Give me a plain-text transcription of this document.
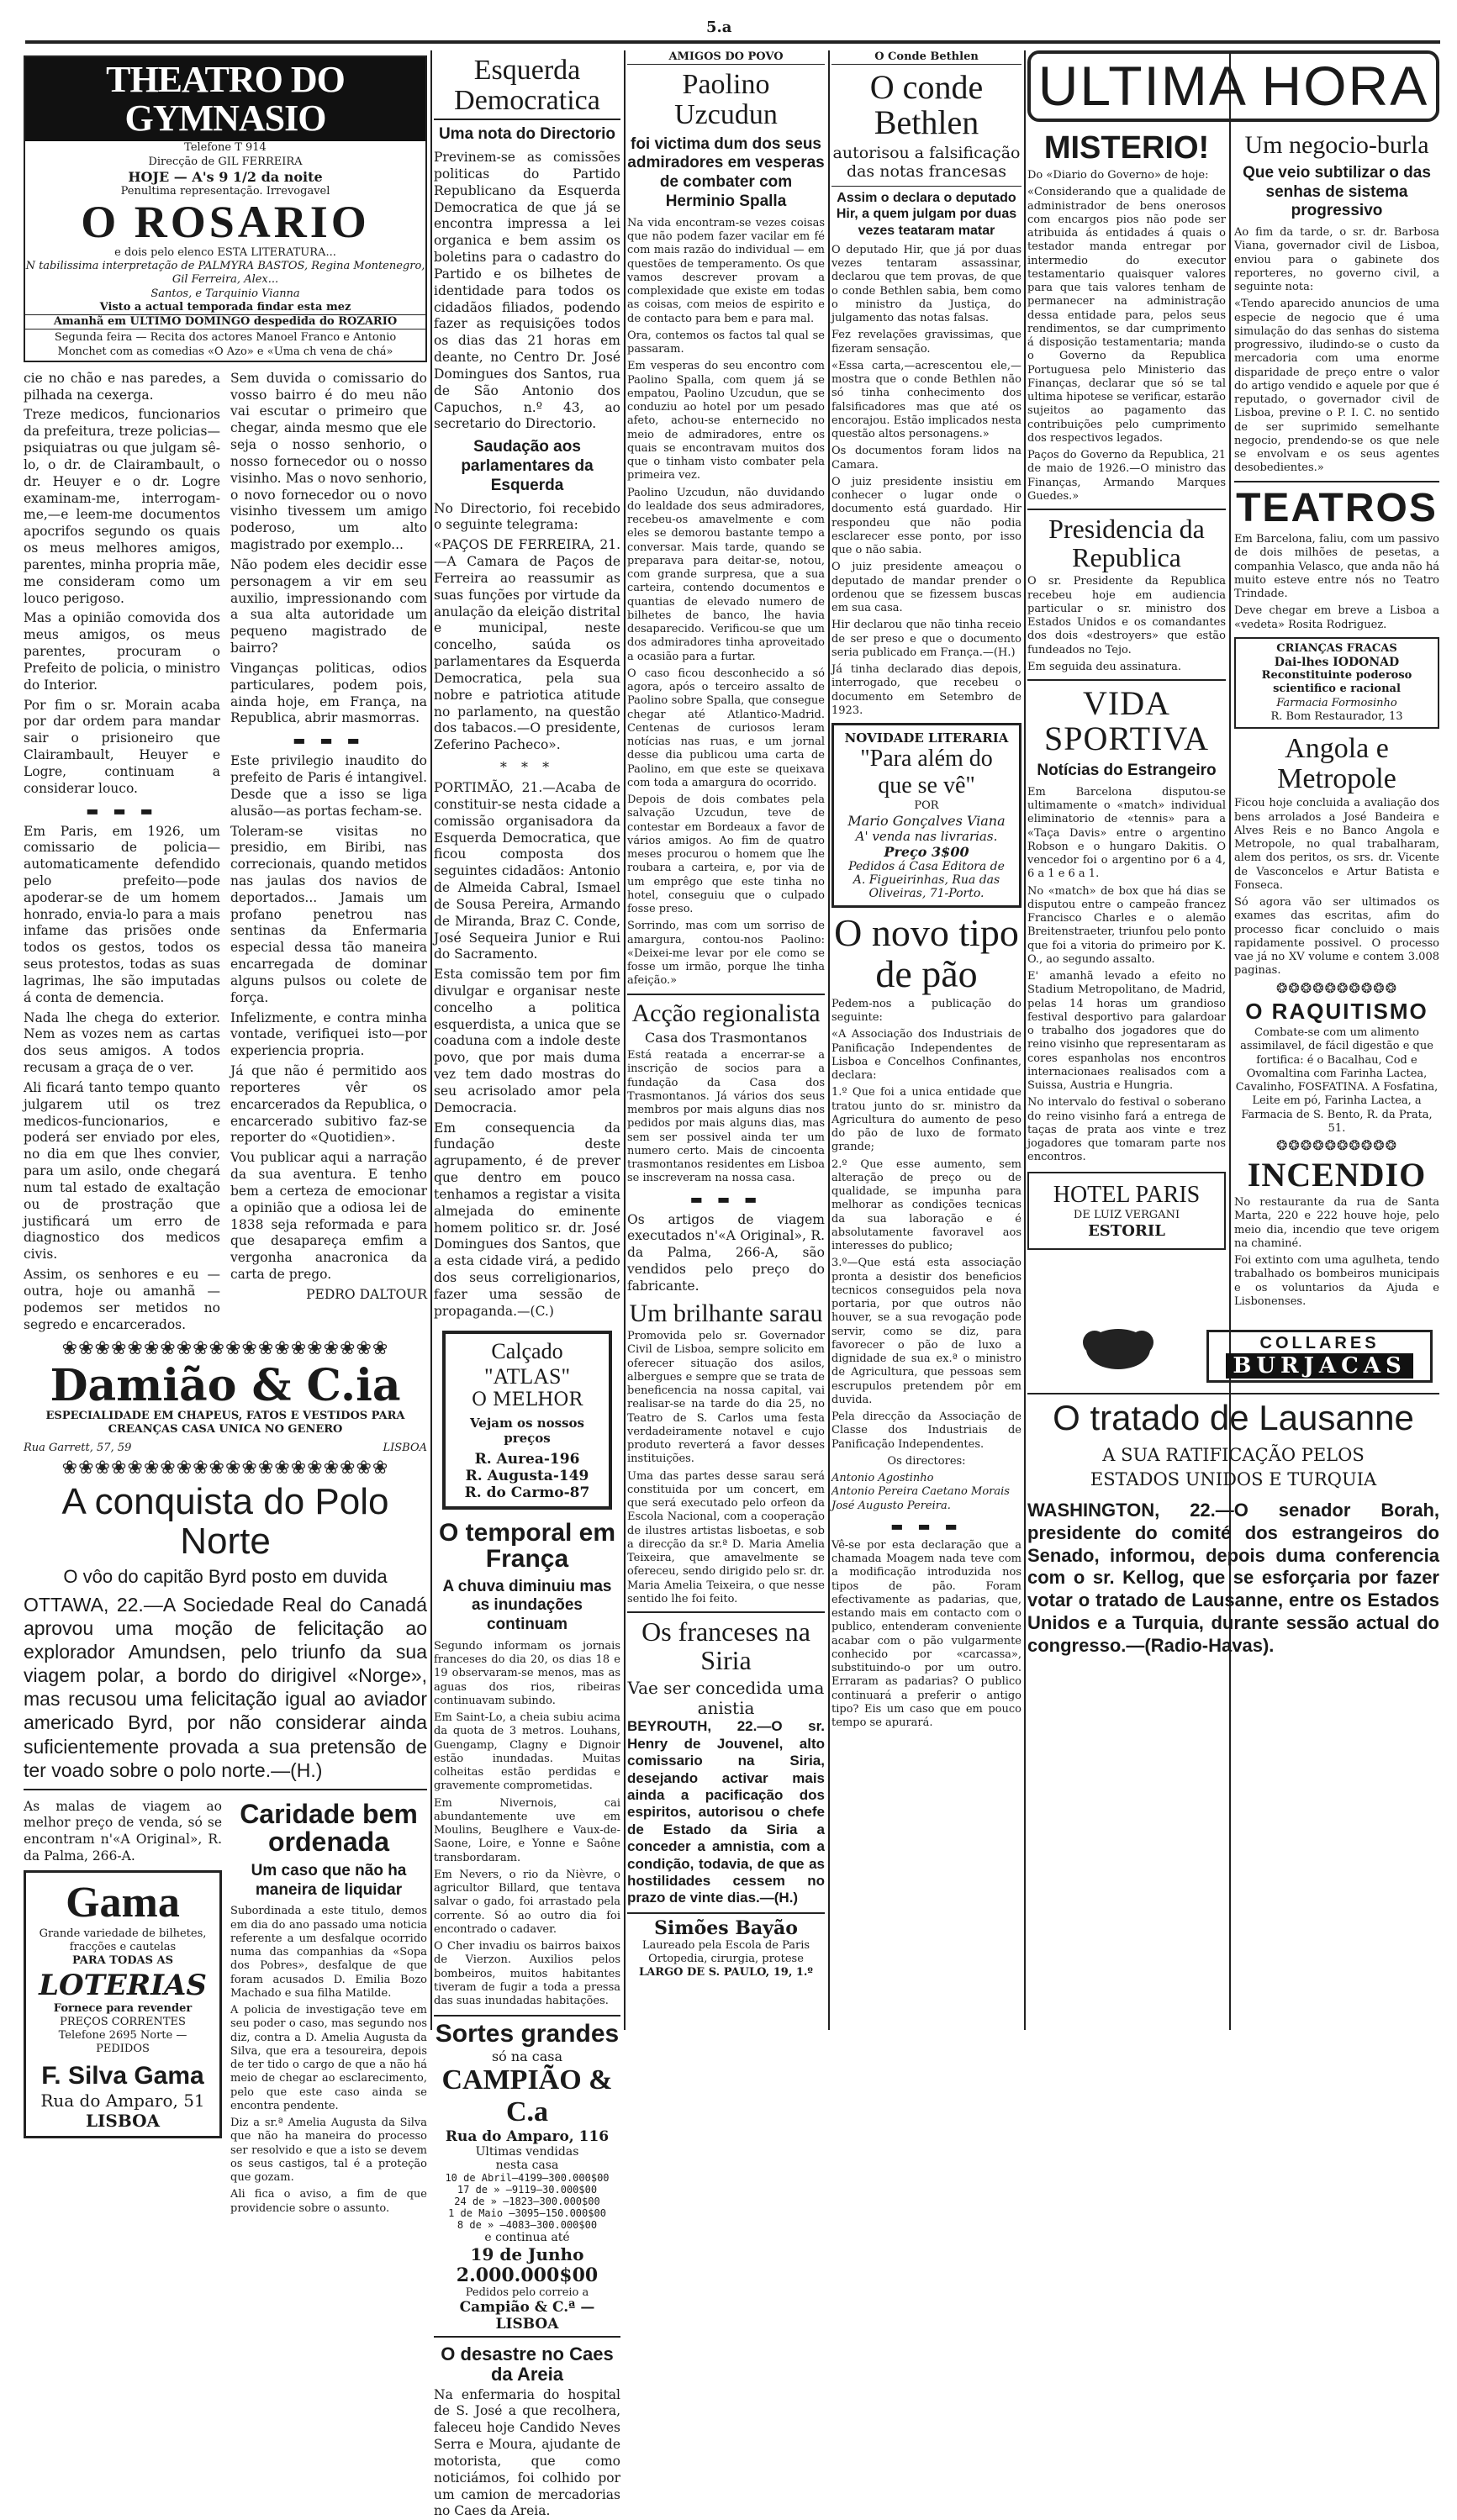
5.a
THEATRO DO GYMNASIO
Telefone T 914
Direcção de GIL FERREIRA
HOJE — A's 9 1/2 da noite
Penultima representação. Irrevogavel
O ROSARIO
e dois pelo elenco ESTA LITERATURA...
N tabilissima interpretação de PALMYRA BASTOS, Regina Montenegro, Gil Ferreira, Alex...
Santos, e Tarquinio Vianna
Visto a actual temporada findar esta mez
Amanhã em ULTIMO DOMINGO despedida do ROZARIO
Segunda feira — Recita dos actores Manoel Franco e Antonio Monchet com as comedias «O Azo» e «Uma ch vena de chá»

cie no chão e nas paredes, a pilhada na cexerga.

Treze medicos, funcionarios da prefeitura, treze policias—psiquiatras ou que julgam sê-lo, o dr. de Clairambault, o dr. Heuyer e o dr. Logre examinam-me, interrogam-me,—e leem-me documentos apocrifos segundo os quais os meus melhores amigos, parentes, minha propria mãe, me consideram como um louco perigoso.

Mas a opinião comovida dos meus amigos, os meus parentes, procuram o Prefeito de policia, o ministro do Interior.

Por fim o sr. Morain acaba por dar ordem para mandar sair o prisioneiro que Clairambault, Heuyer e Logre, continuam a considerar louco.

▬ ▬ ▬

Em Paris, em 1926, um comissario de policia—automaticamente defendido pelo prefeito—pode apoderar-se de um homem honrado, envia-lo para a mais infame das prisões onde todos os gestos, todos os seus protestos, todas as suas lagrimas, lhe são imputadas á conta de demencia.

Nada lhe chega do exterior. Nem as vozes nem as cartas dos seus amigos. A todos recusam a graça de o ver.

Ali ficará tanto tempo quanto julgarem util os trez medicos-funcionarios, e poderá ser enviado por eles, no dia em que lhes convier, para um asilo, onde chegará num tal estado de exaltação ou de prostração que justificará um erro de diagnostico dos medicos civis.

Assim, os senhores e eu — outra, hoje ou amanhã — podemos ser metidos no segredo e encarcerados.

Sem duvida o comissario do vosso bairro é do meu não vai escutar o primeiro que chegar, ainda mesmo que ele seja o nosso senhorio, o nosso fornecedor ou o nosso visinho. Mas o novo senhorio, o novo fornecedor ou o novo visinho tivessem um amigo poderoso, um alto magistrado por exemplo...

Não podem eles decidir esse personagem a vir em seu auxilio, impressionando com a sua alta autoridade um pequeno magistrado de bairro?

Vinganças politicas, odios particulares, podem pois, ainda hoje, em França, na Republica, abrir masmorras.

▬ ▬ ▬

Este privilegio inaudito do prefeito de Paris é intangivel. Desde que a isso se liga alusão—as portas fecham-se.

Toleram-se visitas no presidio, em Biribi, nas correcionais, quando metidos nas jaulas dos navios de deportados... Jamais um profano penetrou nas sentinas da Enfermaria especial dessa tão maneira encarregada de dominar alguns pulsos ou colete de força.

Infelizmente, e contra minha vontade, verifiquei isto—por experiencia propria.

Já que não é permitido aos reporteres vêr os encarcerados da Republica, o encarcerado subitivo faz-se reporter do «Quotidien».

Vou publicar aqui a narração da sua aventura. E tenho bem a certeza de emocionar a opinião que a odiosa lei de 1838 seja reformada e para que desapareça emfim a vergonha anacronica da carta de prego.

PEDRO DALTOUR

❀❀❀❀❀❀❀❀❀❀❀❀❀❀❀❀❀❀❀❀
Damião & C.ia
ESPECIALIDADE EM CHAPEUS, FATOS E VESTIDOS PARA CREANÇAS CASA UNICA NO GENERO
Rua Garrett, 57, 59	LISBOA
❀❀❀❀❀❀❀❀❀❀❀❀❀❀❀❀❀❀❀❀
A conquista do Polo Norte
O vôo do capitão Byrd posto em duvida

OTTAWA, 22.—A Sociedade Real do Canadá aprovou uma moção de felicitação ao explorador Amundsen, pelo triunfo da sua viagem polar, a bordo do dirigivel «Norge», mas recusou uma felicitação igual ao aviador americado Byrd, por não considerar ainda suficientemente provada a sua pretensão de ter voado sobre o polo norte.—(H.)

As malas de viagem ao melhor preço de venda, só se encontram n'«A Original», R. da Palma, 266-A.

Gama
Grande variedade de bilhetes, fracções e cautelas
PARA TODAS AS
LOTERIAS
Fornece para revender
PREÇOS CORRENTES
Telefone 2695 Norte — PEDIDOS
F. Silva Gama
Rua do Amparo, 51
LISBOA
Caridade bem ordenada
Um caso que não ha maneira de liquidar

Subordinada a este titulo, demos em dia do ano passado uma noticia referente a um desfalque ocorrido numa das companhias da «Sopa dos Pobres», desfalque de que foram acusados D. Emilia Bozo Machado e sua filha Matilde.

A policia de investigação teve em seu poder o caso, mas segundo nos diz, contra a D. Amelia Augusta da Silva, que era a tesoureira, depois de ter tido o cargo de que a não há meio de chegar ao esclarecimento, pelo que este caso ainda se encontra pendente.

Diz a sr.ª Amelia Augusta da Silva que não ha maneira do processo ser resolvido e que a isto se devem os seus castigos, tal é a proteção que gozam.

Ali fica o aviso, a fim de que providencie sobre o assunto.

Esquerda Democratica
Uma nota do Directorio

Previnem-se as comissões politicas do Partido Republicano da Esquerda Democratica de que já se encontra impressa a lei organica e bem assim os boletins para o cadastro do Partido e os bilhetes de identidade para todos os cidadãos filiados, podendo fazer as requisições todos os dias das 21 horas em deante, no Centro Dr. José Domingues dos Santos, rua de São Antonio dos Capuchos, n.º 43, ao secretario do Directorio.

Saudação aos parlamentares da Esquerda

No Directorio, foi recebido o seguinte telegrama:

«PAÇOS DE FERREIRA, 21.—A Camara de Paços de Ferreira ao reassumir as suas funções por virtude da anulação da eleição distrital e municipal, neste concelho, saúda os parlamentares da Esquerda Democratica, pela sua nobre e patriotica atitude no parlamento, na questão dos tabacos.—O presidente, Zeferino Pacheco».

* * *

PORTIMÃO, 21.—Acaba de constituir-se nesta cidade a comissão organisadora da Esquerda Democratica, que ficou composta dos seguintes cidadãos: Antonio de Almeida Cabral, Ismael de Sousa Pereira, Armando de Miranda, Braz C. Conde, José Sequeira Junior e Rui do Sacramento.

Esta comissão tem por fim divulgar e organisar neste concelho a politica esquerdista, a unica que se coaduna com a indole deste povo, que por mais duma vez tem dado mostras do seu acrisolado amor pela Democracia.

Em consequencia da fundação deste agrupamento, é de prever que dentro em pouco tenhamos a registar a visita almejada do eminente homem politico sr. dr. José Domingues dos Santos, que a esta cidade virá, a pedido dos seus correligionarios, fazer uma sessão de propaganda.—(C.)

Calçado "ATLAS"
O MELHOR
Vejam os nossos preços
R. Aurea-196
R. Augusta-149
R. do Carmo-87
O temporal em França
A chuva diminuiu mas as inundações continuam

Segundo informam os jornais franceses do dia 20, os dias 18 e 19 observaram-se menos, mas as aguas dos rios, ribeiras continuavam subindo.

Em Saint-Lo, a cheia subiu acima da quota de 3 metros. Louhans, Guengamp, Clagny e Dignoir estão inundadas. Muitas colheitas estão perdidas e gravemente comprometidas.

Em Nivernois, cai abundantemente uve em Moulins, Beuglhere e Vaux-de-Saone, Loire, e Yonne e Saône transbordaram.

Em Nevers, o rio da Nièvre, o agricultor Billard, que tentava salvar o gado, foi arrastado pela corrente. Só ao outro dia foi encontrado o cadaver.

O Cher invadiu os bairros baixos de Vierzon. Auxilios pelos bombeiros, muitos habitantes tiveram de fugir a toda a pressa das suas inundadas habitações.

Sortes grandes
só na casa
CAMPIÃO & C.a
Rua do Amparo, 116
Ultimas vendidas
nesta casa
10 de Abril—4199—300.000$00
17 de » —9119—30.000$00
24 de » —1823—300.000$00
1 de Maio —3095—150.000$00
8 de » —4083—300.000$00
e continua até
19 de Junho
2.000.000$00
Pedidos pelo correio a
Campião & C.ª — LISBOA
O desastre no Caes da Areia

Na enfermaria do hospital de S. José a que recolhera, faleceu hoje Candido Neves Serra e Moura, ajudante de motorista, que como noticiámos, foi colhido por um camion de mercadorias no Caes da Areia.

AMIGOS DO POVO
Paolino Uzcudun
foi victima dum dos seus admiradores em vesperas de combater com Herminio Spalla

Na vida encontram-se vezes coisas que não podem fazer vacilar em fé com mais razão do individual — em questões de temperamento. Os que vamos descrever provam a complexidade que existe em todas as coisas, com meios de espirito e de contacto para bem e para mal.

Ora, contemos os factos tal qual se passaram.

Em vesperas do seu encontro com Paolino Spalla, com quem já se empatou, Paolino Uzcudun, que se conduziu ao hotel por um pesado afeto, achou-se enternecido no meio de admiradores, entre os quais se encontravam muitos dos que o tinham visto combater pela primeira vez.

Paolino Uzcudun, não duvidando do lealdade dos seus admiradores, recebeu-os amavelmente e com eles se demorou bastante tempo a conversar. Mais tarde, quando se preparava para deitar-se, notou, com grande surpresa, que a sua carteira, contendo documentos e quantias de elevado numero de bilhetes de banco, lhe havia desaparecido. Verificou-se que um dos admiradores tinha aproveitado a ocasião para a furtar.

O caso ficou desconhecido a só agora, após o terceiro assalto de Paolino sobre Spalla, que consegue chegar até Atlantico-Madrid. Centenas de curiosos leram notícias nas ruas, e um jornal desse dia publicou uma carta de Paolino, em que este se queixava com toda a amargura do ocorrido.

Depois de dois combates pela salvação Uzcudun, teve de contestar em Bordeaux a favor de vários amigos. Ao fim de quatro meses procurou o homem que lhe roubara a carteira, e, por via de um emprêgo que este tinha no hotel, conseguiu que o culpado fosse preso.

Sorrindo, mas com um sorriso de amargura, contou-nos Paolino: «Deixei-me levar por ele como se fosse um irmão, porque lhe tinha afeição.»

Acção regionalista
Casa dos Trasmontanos

Está reatada a encerrar-se a inscrição de socios para a fundação da Casa dos Trasmontanos. Já vários dos seus membros por mais alguns dias nos pedidos por mais alguns dias, mas sem ser possivel ainda ter um numero certo. Mais de cincoenta trasmontanos residentes em Lisboa se inscreveram na nossa casa.

▬ ▬ ▬

Os artigos de viagem executados n'«A Original», R. da Palma, 266-A, são vendidos pelo preço do fabricante.

Um brilhante sarau

Promovida pelo sr. Governador Civil de Lisboa, sempre solicito em oferecer situação dos asilos, albergues e sempre que se trata de beneficencia na nossa capital, vai realisar-se na tarde do dia 25, no Teatro de S. Carlos uma festa verdadeiramente notavel e cujo produto reverterá a favor desses instituições.

Uma das partes desse sarau será constituida por um concert, em que será executado pelo orfeon da Escola Nacional, com a cooperação de ilustres artistas lisboetas, e sob a direcção da sr.ª D. Maria Amelia Teixeira, que amavelmente se ofereceu, sendo dirigido pelo sr. dr. Maria Amelia Teixeira, o que nesse sentido lhe foi feito.

Os franceses na Siria
Vae ser concedida uma anistia

BEYROUTH, 22.—O sr. Henry de Jouvenel, alto comissario na Siria, desejando activar mais ainda a pacificação dos espiritos, autorisou o chefe de Estado da Siria a conceder a amnistia, com a condição, todavia, de que as hostilidades cessem no prazo de vinte dias.—(H.)

Simões Bayão
Laureado pela Escola de Paris
Ortopedia, cirurgia, protese
LARGO DE S. PAULO, 19, 1.º
O Conde Bethlen
O conde Bethlen
autorisou a falsificação das notas francesas
Assim o declara o deputado Hir, a quem julgam por duas vezes teataram matar

O deputado Hir, que já por duas vezes tentaram assassinar, declarou que tem provas, de que o conde Bethlen sabia, bem como o ministro da Justiça, do julgamento das notas falsas.

Fez revelações gravissimas, que fizeram sensação.

«Essa carta,—acrescentou ele,—mostra que o conde Bethlen não só tinha conhecimento dos falsificadores mas que até os encorajou. Estão implicados nesta questão altos personagens.»

Os documentos foram lidos na Camara.

O juiz presidente insistiu em conhecer o lugar onde o documento está guardado. Hir respondeu que não podia esclarecer esse ponto, por isso que o não sabia.

O juiz presidente ameaçou o deputado de mandar prender o ordenou que se fizessem buscas em sua casa.

Hir declarou que não tinha receio de ser preso e que o documento seria publicado em França.—(H.)

Já tinha declarado dias depois, interrogado, que recebeu o documento em Setembro de 1923.

NOVIDADE LITERARIA
"Para além do que se vê"
POR
Mario Gonçalves Viana
A' venda nas livrarias.
Preço 3$00
Pedidos á Casa Editora de A. Figueirinhas, Rua das Oliveiras, 71-Porto.
O novo tipo de pão

Pedem-nos a publicação do seguinte:

«A Associação dos Industriais de Panificação Independentes de Lisboa e Concelhos Confinantes, declara:

1.º Que foi a unica entidade que tratou junto do sr. ministro da Agricultura do aumento de peso do pão de luxo de formato grande;

2.º Que esse aumento, sem alteração de preço ou de qualidade, se impunha para melhorar as condições tecnicas da sua laboração e é absolutamente favoravel aos interesses do publico;

3.º—Que está esta associação pronta a desistir dos beneficios tecnicos conseguidos pela nova portaria, por que outros não houver, se a sua revogação pode servir, como se diz, para favorecer o pão de luxo a dignidade de sua ex.ª o ministro de Agricultura, que pessoas sem escrupulos pretendem pôr em duvida.

Pela direcção da Associação de Classe dos Industriais de Panificação Independentes.

Os directores:

Antonio Agostinho

Antonio Pereira Caetano Morais

José Augusto Pereira.

▬ ▬ ▬

Vê-se por esta declaração que a chamada Moagem nada teve com a modificação introduzida nos tipos de pão. Foram efectivamente as padarias, que, estando mais em contacto com o publico, entenderam conveniente acabar com o pão vulgarmente conhecido por «carcassa», substituindo-o por um outro. Erraram as padarias? O publico continuará a preferir o antigo tipo? Eis um caso que em pouco tempo se apurará.

ULTIMA HORA
MISTERIO!

Do «Diario do Governo» de hoje:

«Considerando que a qualidade de administrador de bens onerosos com encargos pios não pode ser atribuida ás entidades á quais o testador manda entregar por intermedio do executor testamentario quaisquer valores para que tais valores tenham de permanecer na administração dessa entidade para, pelos seus rendimentos, se dar cumprimento á disposição testamentaria; manda o Governo da Republica Portuguesa pelo Ministerio das Finanças, declarar que só se tal ultima hipotese se verificar, estarão sujeitos ao pagamento das contribuições pelo cumprimento dos respectivos legados.

Paços do Governo da Republica, 21 de maio de 1926.—O ministro das Finanças, Armando Marques Guedes.»

Presidencia da Republica

O sr. Presidente da Republica recebeu hoje em audiencia particular o sr. ministro dos Estados Unidos e os comandantes dos dois «destroyers» que estão fundeados no Tejo.

Em seguida deu assinatura.

VIDA SPORTIVA
Notícias do Estrangeiro

Em Barcelona disputou-se ultimamente o «match» individual eliminatorio de «tennis» para a «Taça Davis» entre o argentino Robson e o hungaro Dakitis. O vencedor foi o argentino por 6 a 4, 6 a 1 e 6 a 1.

No «match» de box que há dias se disputou entre o campeão francez Francisco Charles e o alemão Breitenstraeter, triunfou pelo ponto que foi a vitoria do primeiro por K. O., ao segundo assalto.

E' amanhã levado a efeito no Stadium Metropolitano, de Madrid, pelas 14 horas um grandioso festival desportivo para galardoar o trabalho dos jogadores que do reino visinho que representaram as cores espanholas nos encontros internacionaes realisados com a Suissa, Austria e Hungria.

No intervalo do festival o soberano do reino visinho fará a entrega de taças de prata aos vinte e trez jogadores que tomaram parte nos encontros.

HOTEL PARIS
DE LUIZ VERGANI
ESTORIL
Um negocio-burla
Que veio subtilizar o das senhas de sistema progressivo

Ao fim da tarde, o sr. dr. Barbosa Viana, governador civil de Lisboa, enviou para o gabinete dos reporteres, no governo civil, a seguinte nota:

«Tendo aparecido anuncios de uma especie de negocio que é uma simulação do das senhas do sistema progressivo, iludindo-se o custo da mercadoria com uma enorme disparidade de preço entre o valor do artigo vendido e aquele por que é reputado, o governador civil de Lisboa, previne o P. I. C. no sentido de ser suprimido semelhante negocio, prendendo-se os que nele se envolvam e os seus agentes desobedientes.»

TEATROS

Em Barcelona, faliu, com um passivo de dois milhões de pesetas, a companhia Velasco, que anda não há muito esteve entre nós no Teatro Trindade.

Deve chegar em breve a Lisboa a «vedeta» Rosita Rodriguez.

CRIANÇAS FRACAS
Dai-lhes IODONAD
Reconstituinte poderoso scientifico e racional
Farmacia Formosinho
R. Bom Restaurador, 13
Angola e Metropole

Ficou hoje concluida a avaliação dos bens arrolados a José Bandeira e Alves Reis e no Banco Angola e Metropole, no qual trabalharam, alem dos peritos, os srs. dr. Vicente de Vasconcelos e Artur Batista e Fonseca.

Só agora vão ser ultimados os exames das escritas, afim do processo ficar concluido o mais rapidamente possivel. O processo vae já no XV volume e contem 3.008 paginas.

❂❂❂❂❂❂❂❂❂❂
O RAQUITISMO

Combate-se com um alimento assimilavel, de fácil digestão e que fortifica: é o Bacalhau, Cod e Ovomaltina com Farinha Lactea, Cavalinho, FOSFATINA. A Fosfatina, Leite em pó, Farinha Lactea, a Farmacia de S. Bento, R. da Prata, 51.

❂❂❂❂❂❂❂❂❂❂
INCENDIO

No restaurante da rua de Santa Marta, 220 e 222 houve hoje, pelo meio dia, incendio que teve origem na chaminé.

Foi extinto com uma agulheta, tendo trabalhado os bombeiros municipais e os voluntarios da Ajuda e Lisbonenses.

COLLARES
BURJACAS
O tratado de Lausanne
A SUA RATIFICAÇÃO PELOS ESTADOS UNIDOS E TURQUIA

WASHINGTON, 22.—O senador Borah, presidente do comité dos estrangeiros do Senado, informou, depois duma conferencia com o sr. Kellog, que se esforçaria por fazer votar o tratado de Lausanne, entre os Estados Unidos e a Turquia, durante sessão actual do congresso.—(Radio-Havas).
